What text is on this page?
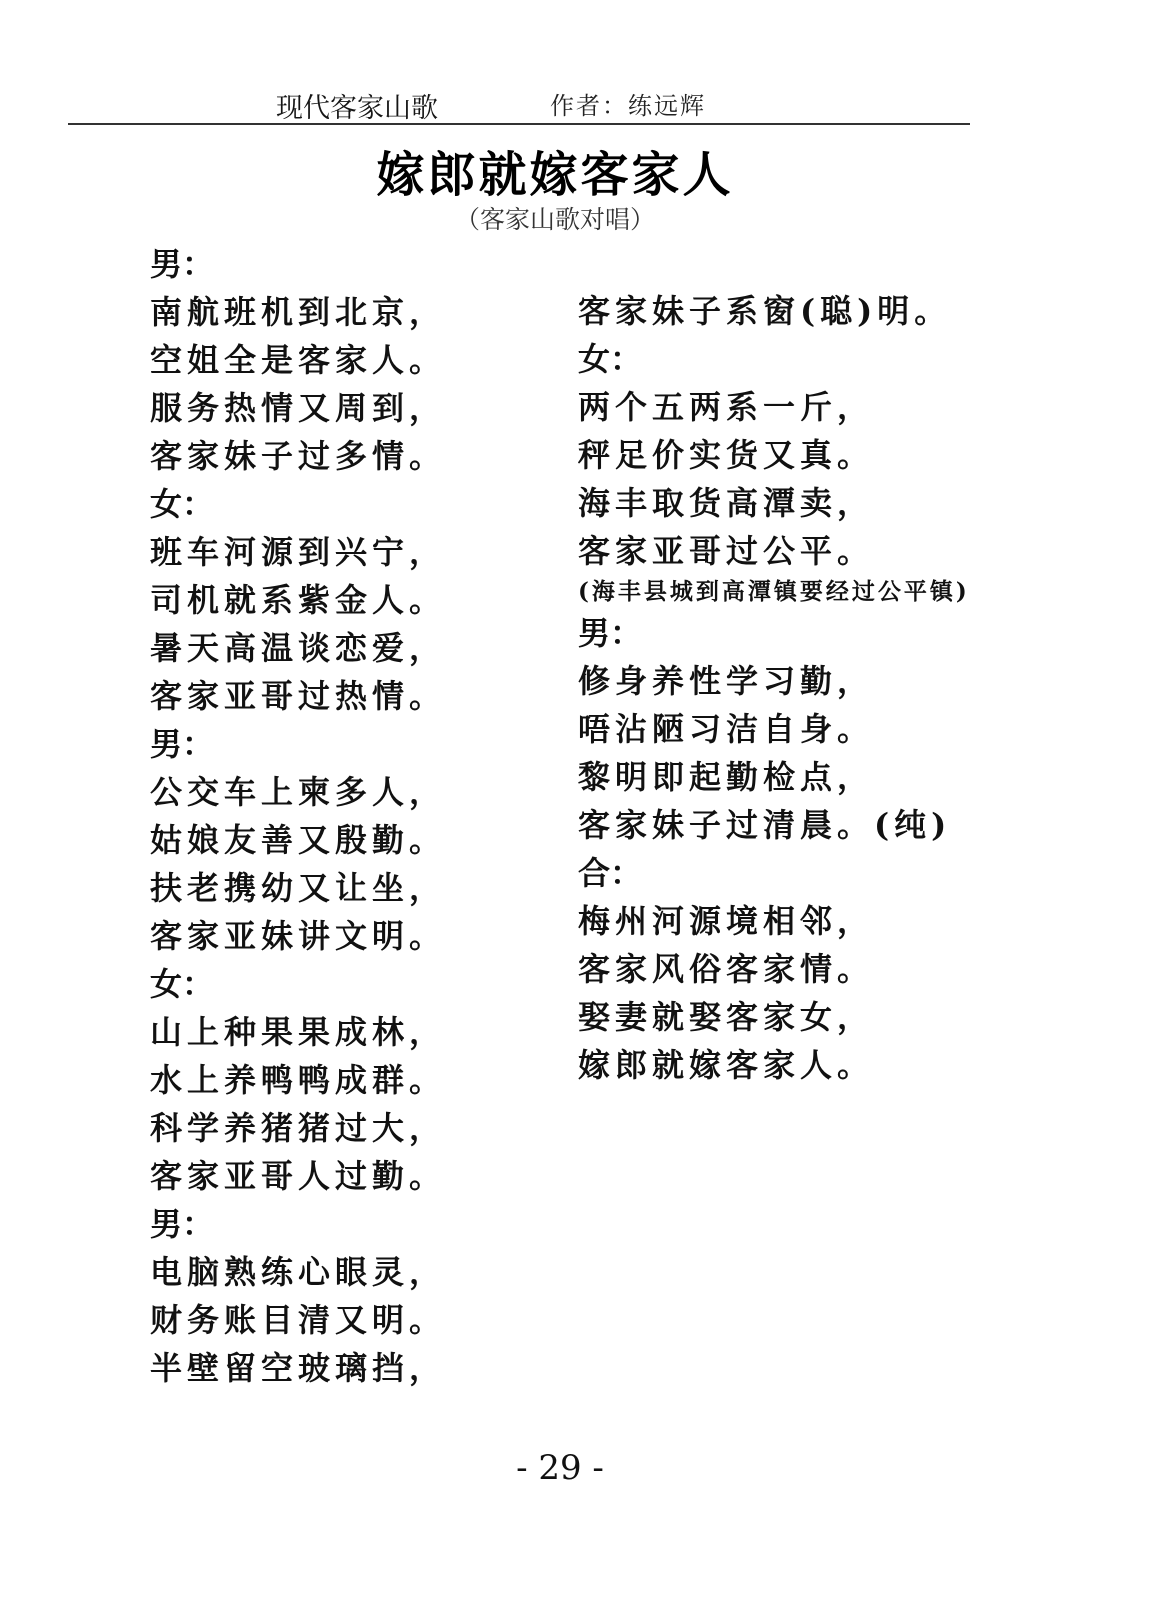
现代客家山歌	作者：练远辉
嫁郎就嫁客家人
（客家山歌对唱）
男：
南航班机到北京，
空姐全是客家人。
服务热情又周到，
客家妹子过多情。
女：
班车河源到兴宁，
司机就系紫金人。
暑天高温谈恋爱，
客家亚哥过热情。
男：
公交车上柬多人，
姑娘友善又殷勤。
扶老携幼又让坐，
客家亚妹讲文明。
女：
山上种果果成林，
水上养鸭鸭成群。
科学养猪猪过大，
客家亚哥人过勤。
男：
电脑熟练心眼灵，
财务账目清又明。
半壁留空玻璃挡，
客家妹子系窗(聪)明。
女：
两个五两系一斤，
秤足价实货又真。
海丰取货高潭卖，
客家亚哥过公平。
(海丰县城到高潭镇要经过公平镇)
男：
修身养性学习勤，
唔沾陋习洁自身。
黎明即起勤检点，
客家妹子过清晨。(纯)
合：
梅州河源境相邻，
客家风俗客家情。
娶妻就娶客家女，
嫁郎就嫁客家人。
- 29 -
